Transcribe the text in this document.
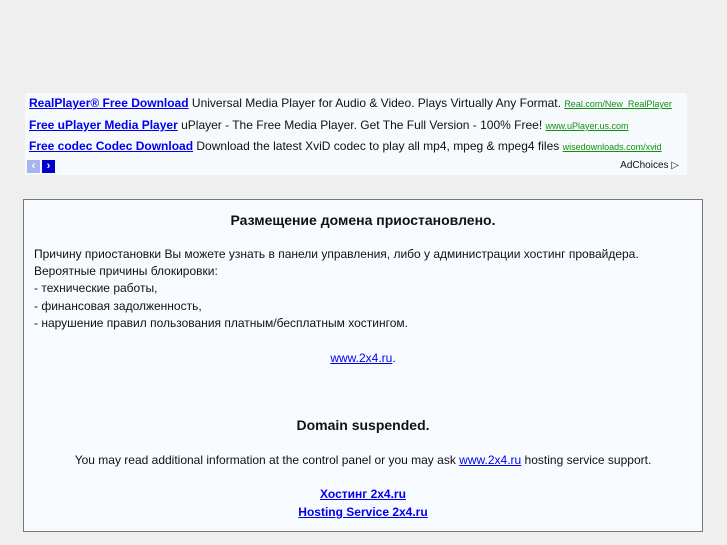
RealPlayer® Free Download Universal Media Player for Audio & Video. Plays Virtually Any Format. Real.com/New_RealPlayer
Free uPlayer Media Player uPlayer - The Free Media Player. Get The Full Version - 100% Free! www.uPlayer.us.com
Free codec Codec Download Download the latest XviD codec to play all mp4, mpeg & mpeg4 files wisedownloads.com/xvid
‹	›	AdChoices ▷
Размещение домена приостановлено.

Причину приостановки Вы можете узнать в панели управления, либо у администрации хостинг провайдера.

Вероятные причины блокировки:

- технические работы,

- финансовая задолженность,

- нарушение правил пользования платным/бесплатным хостингом.

www.2x4.ru.

Domain suspended.

You may read additional information at the control panel or you may ask www.2x4.ru hosting service support.

Хостинг 2x4.ru

Hosting Service 2x4.ru
